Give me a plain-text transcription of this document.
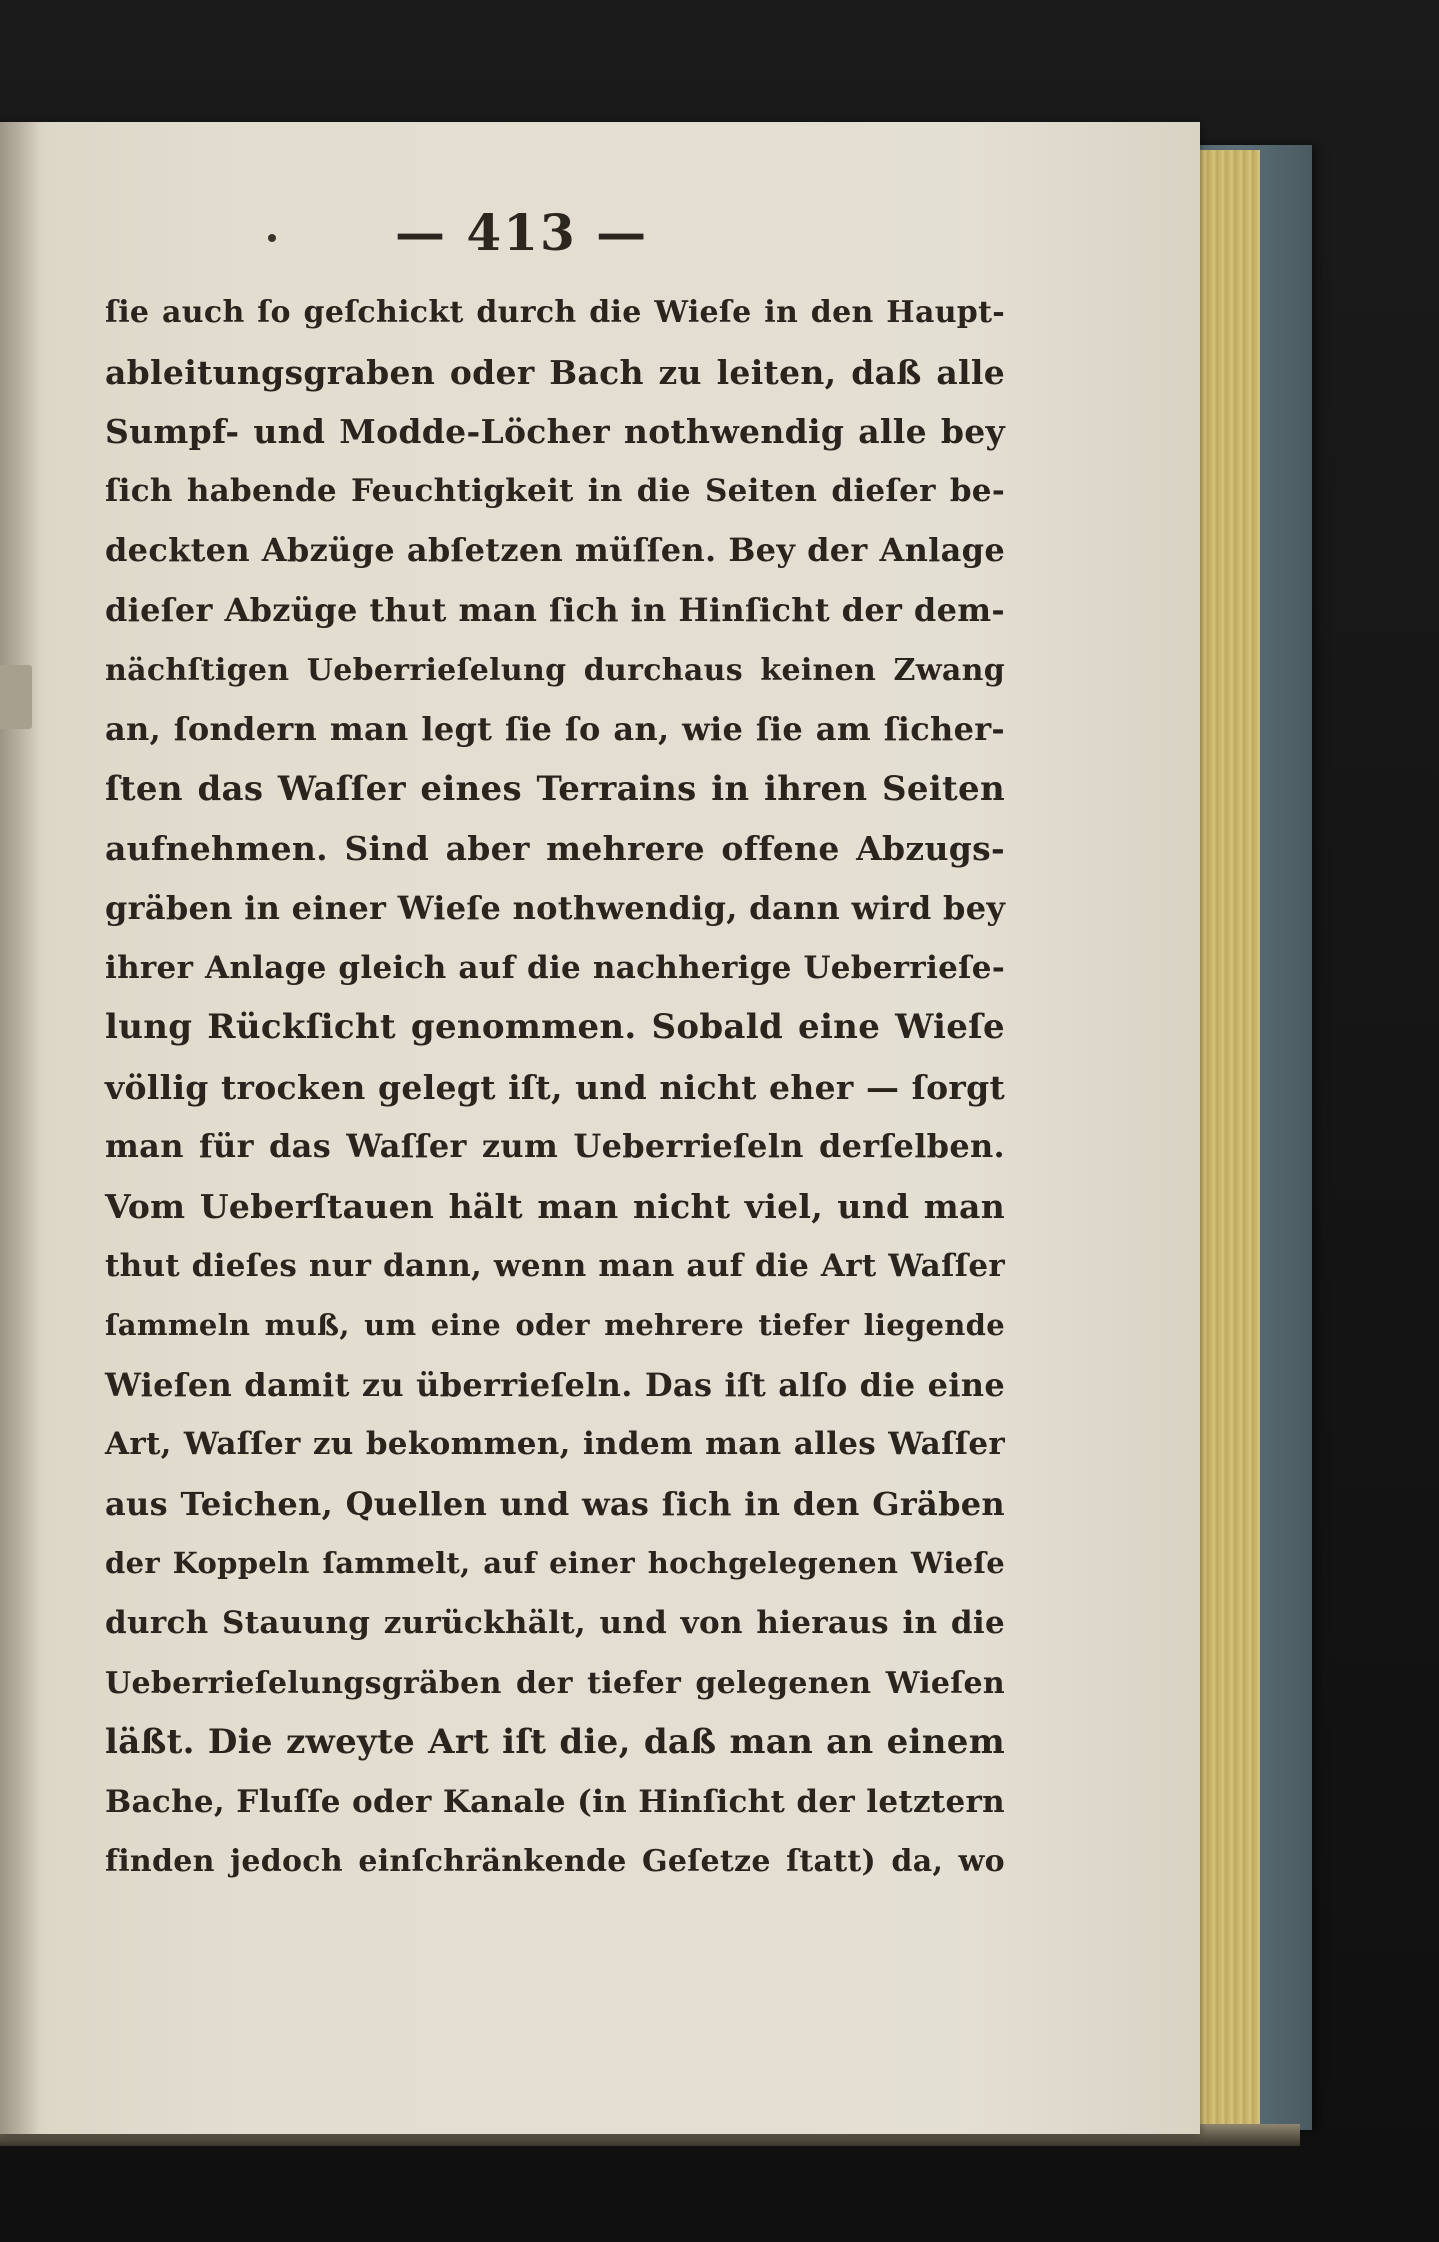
— 413 —
ſie auch ſo geſchickt durch die Wieſe in den Haupt-
ableitungsgraben oder Bach zu leiten, daß alle
Sumpf- und Modde-Löcher nothwendig alle bey
ſich habende Feuchtigkeit in die Seiten dieſer be-
deckten Abzüge abſetzen müſſen. Bey der Anlage
dieſer Abzüge thut man ſich in Hinſicht der dem-
nächſtigen Ueberrieſelung durchaus keinen Zwang
an, ſondern man legt ſie ſo an, wie ſie am ſicher-
ſten das Waſſer eines Terrains in ihren Seiten
aufnehmen. Sind aber mehrere offene Abzugs-
gräben in einer Wieſe nothwendig, dann wird bey
ihrer Anlage gleich auf die nachherige Ueberrieſe-
lung Rückſicht genommen. Sobald eine Wieſe
völlig trocken gelegt iſt, und nicht eher — ſorgt
man für das Waſſer zum Ueberrieſeln derſelben.
Vom Ueberſtauen hält man nicht viel, und man
thut dieſes nur dann, wenn man auf die Art Waſſer
ſammeln muß, um eine oder mehrere tiefer liegende
Wieſen damit zu überrieſeln. Das iſt alſo die eine
Art, Waſſer zu bekommen, indem man alles Waſſer
aus Teichen, Quellen und was ſich in den Gräben
der Koppeln ſammelt, auf einer hochgelegenen Wieſe
durch Stauung zurückhält, und von hieraus in die
Ueberrieſelungsgräben der tiefer gelegenen Wieſen
läßt. Die zweyte Art iſt die, daß man an einem
Bache, Fluſſe oder Kanale (in Hinſicht der letztern
finden jedoch einſchränkende Geſetze ſtatt) da, wo
